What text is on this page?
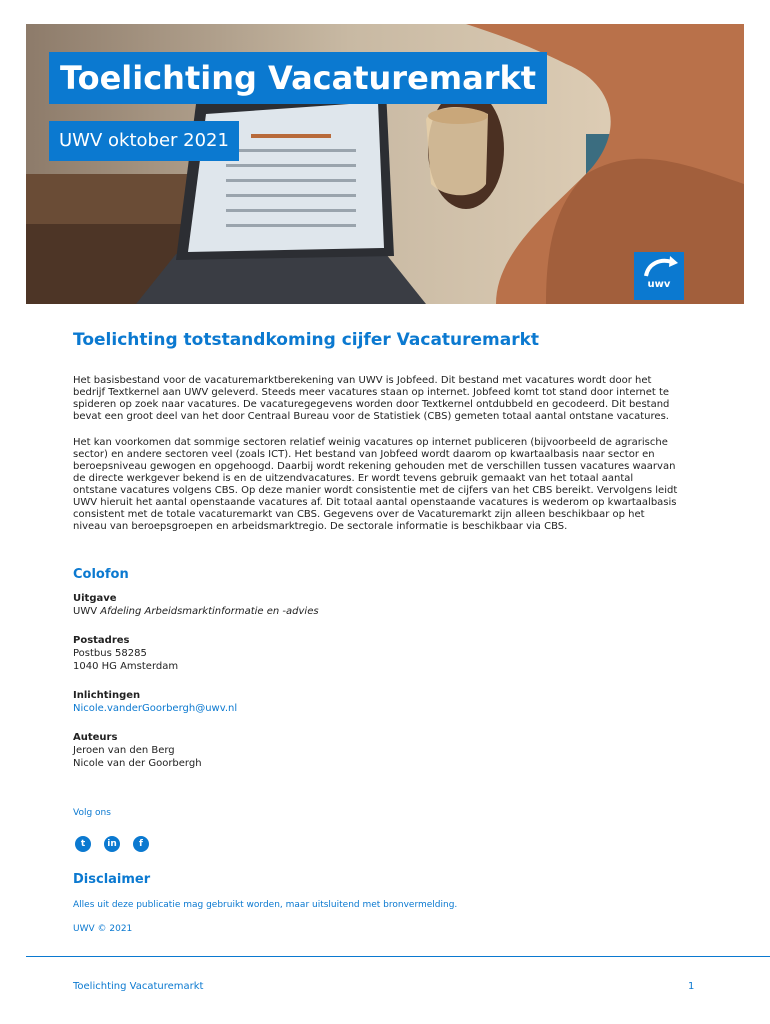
Toelichting Vacaturemarkt
UWV oktober 2021
uwv
Toelichting totstandkoming cijfer Vacaturemarkt

Het basisbestand voor de vacaturemarktberekening van UWV is Jobfeed. Dit bestand met vacatures wordt door het
bedrijf Textkernel aan UWV geleverd. Steeds meer vacatures staan op internet. Jobfeed komt tot stand door internet te
spideren op zoek naar vacatures. De vacaturegegevens worden door Textkernel ontdubbeld en gecodeerd. Dit bestand
bevat een groot deel van het door Centraal Bureau voor de Statistiek (CBS) gemeten totaal aantal ontstane vacatures.

Het kan voorkomen dat sommige sectoren relatief weinig vacatures op internet publiceren (bijvoorbeeld de agrarische
sector) en andere sectoren veel (zoals ICT). Het bestand van Jobfeed wordt daarom op kwartaalbasis naar sector en
beroepsniveau gewogen en opgehoogd. Daarbij wordt rekening gehouden met de verschillen tussen vacatures waarvan
de directe werkgever bekend is en de uitzendvacatures. Er wordt tevens gebruik gemaakt van het totaal aantal
ontstane vacatures volgens CBS. Op deze manier wordt consistentie met de cijfers van het CBS bereikt. Vervolgens leidt
UWV hieruit het aantal openstaande vacatures af. Dit totaal aantal openstaande vacatures is wederom op kwartaalbasis
consistent met de totale vacaturemarkt van CBS. Gegevens over de Vacaturemarkt zijn alleen beschikbaar op het
niveau van beroepsgroepen en arbeidsmarktregio. De sectorale informatie is beschikbaar via CBS.

Colofon
Uitgave
UWV Afdeling Arbeidsmarktinformatie en -advies
Postadres
Postbus 58285
1040 HG Amsterdam
Inlichtingen
Nicole.vanderGoorbergh@uwv.nl
Auteurs
Jeroen van den Berg
Nicole van der Goorbergh
Volg ons
t	in	f
Disclaimer
Alles uit deze publicatie mag gebruikt worden, maar uitsluitend met bronvermelding.
UWV © 2021
Toelichting Vacaturemarkt	1
